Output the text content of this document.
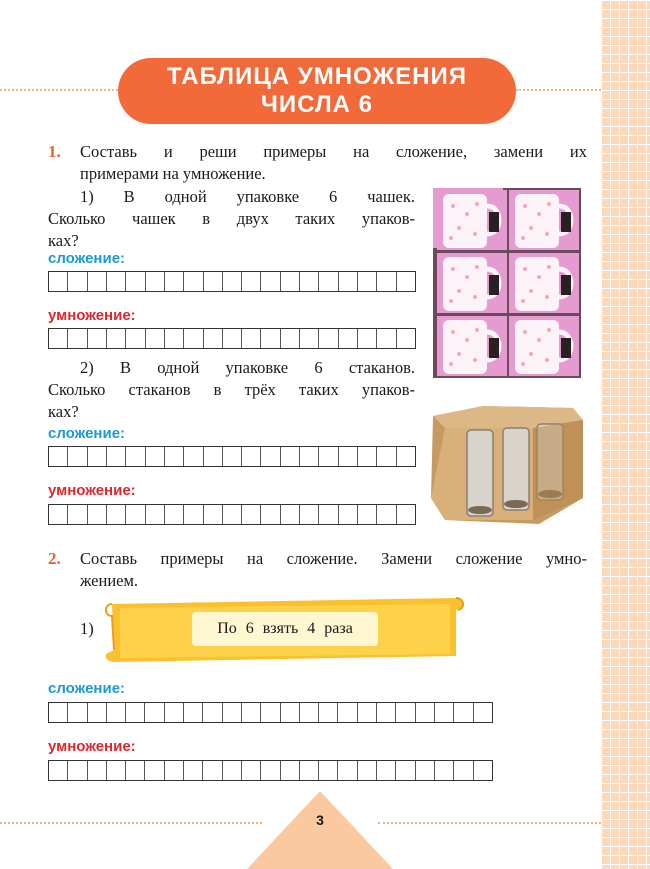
ТАБЛИЦА УМНОЖЕНИЯ
ЧИСЛА 6
1. Составь и реши примеры на сложение, замени их
примерами на умножение.
1) В одной упаковке 6 чашек.
Сколько чашек в двух таких упаков-
ках?
сложение:
умножение:
2) В одной упаковке 6 стаканов.
Сколько стаканов в трёх таких упаков-
ках?
сложение:
умножение:
2. Составь примеры на сложение. Замени сложение умно-
жением.
1)	По 6 взять 4 раза
сложение:
умножение:
3
